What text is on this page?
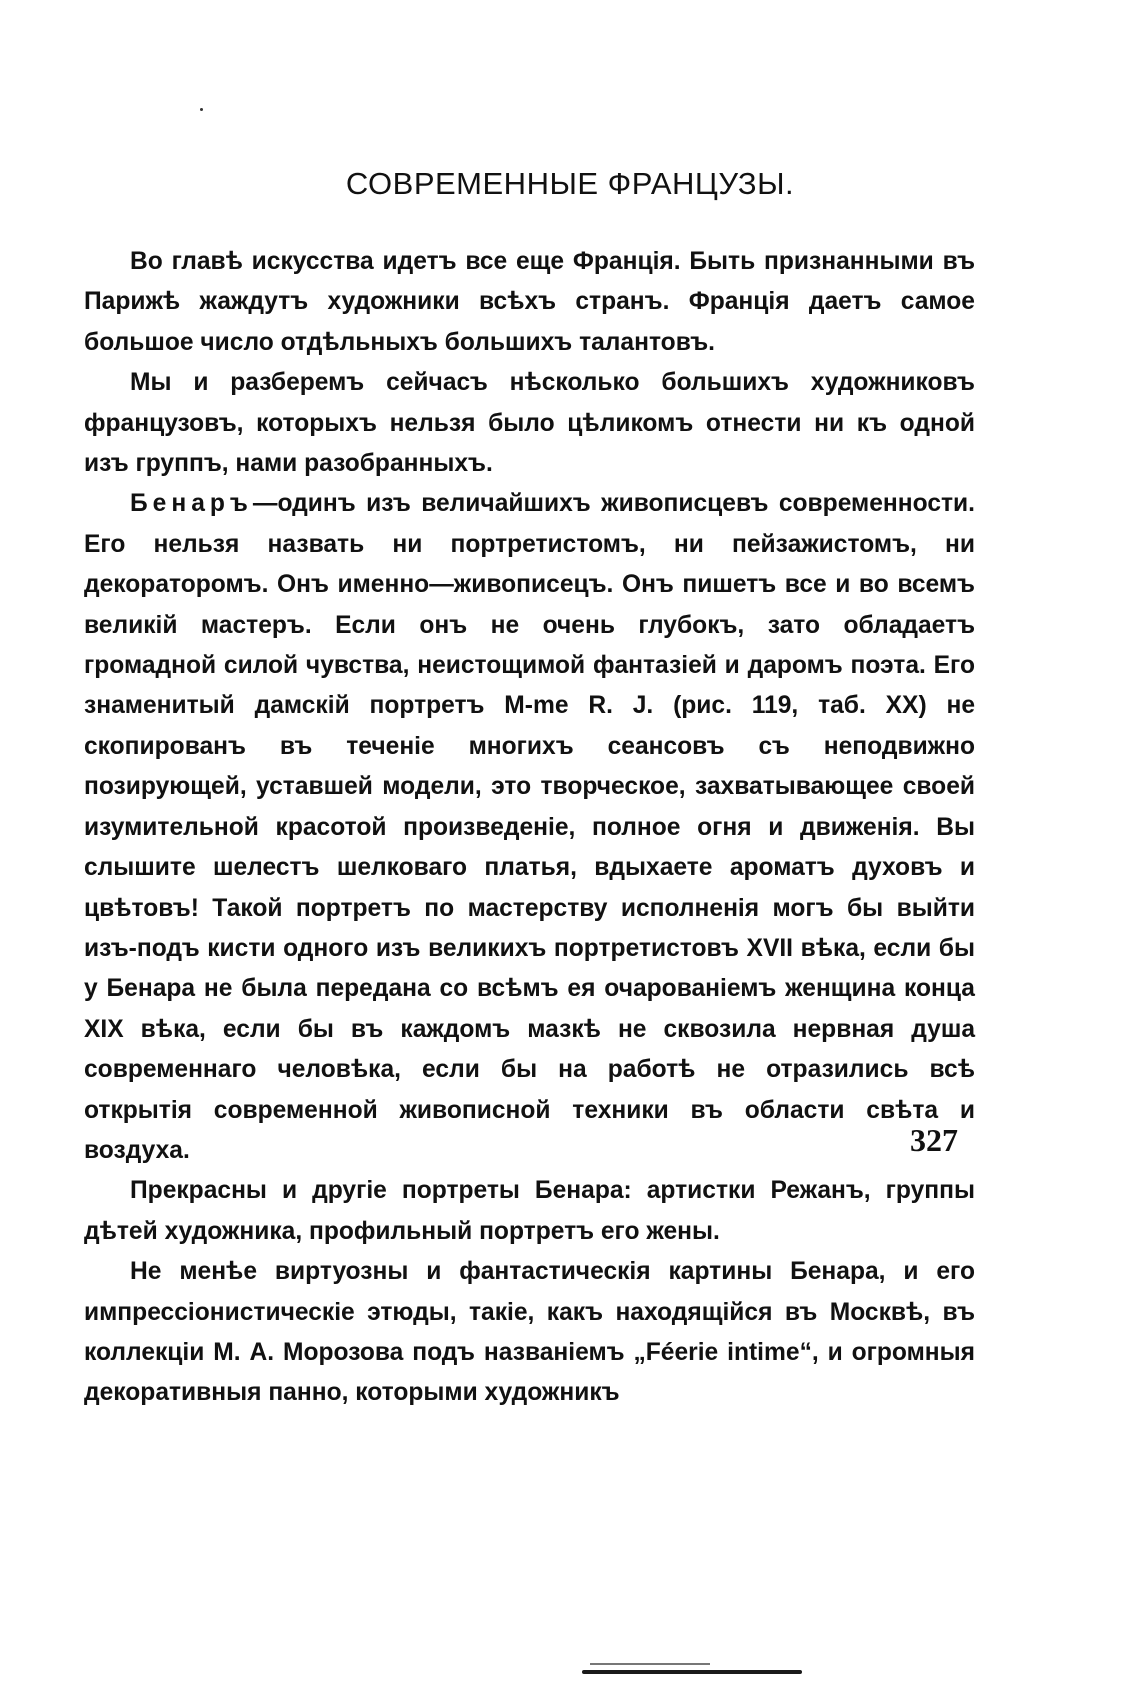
СОВРЕМЕННЫЕ ФРАНЦУЗЫ.

Во главѣ искусства идетъ все еще Франція. Быть признанными въ Парижѣ жаждутъ художники всѣхъ странъ. Франція даетъ самое большое число отдѣльныхъ большихъ талантовъ.

Мы и разберемъ сейчасъ нѣсколько большихъ художниковъ французовъ, которыхъ нельзя было цѣликомъ отнести ни къ одной изъ группъ, нами разобранныхъ.

Бенаръ—одинъ изъ величайшихъ живописцевъ современности. Его нельзя назвать ни портретистомъ, ни пейзажистомъ, ни декораторомъ. Онъ именно—живописецъ. Онъ пишетъ все и во всемъ великій мастеръ. Если онъ не очень глубокъ, зато обладаетъ громадной силой чувства, неистощимой фантазіей и даромъ поэта. Его знаменитый дамскій портретъ M-me R. J. (рис. 119, таб. XX) не скопированъ въ теченіе многихъ сеансовъ съ неподвижно позирующей, уставшей модели, это творческое, захватывающее своей изумительной красотой произведеніе, полное огня и движенія. Вы слышите шелестъ шелковаго платья, вдыхаете ароматъ духовъ и цвѣтовъ! Такой портретъ по мастерству исполненія могъ бы выйти изъ-подъ кисти одного изъ великихъ портретистовъ XVII вѣка, если бы у Бенара не была передана со всѣмъ ея очарованіемъ женщина конца XIX вѣка, если бы въ каждомъ мазкѣ не сквозила нервная душа современнаго человѣка, если бы на работѣ не отразились всѣ открытія современной живописной техники въ области свѣта и воздуха.

Прекрасны и другіе портреты Бенара: артистки Режанъ, группы дѣтей художника, профильный портретъ его жены.

Не менѣе виртуозны и фантастическія картины Бенара, и его импрессіонистическіе этюды, такіе, какъ находящійся въ Москвѣ, въ коллекціи М. А. Морозова подъ названіемъ „Féerie intime“, и огромныя декоративныя панно, которыми художникъ

327
